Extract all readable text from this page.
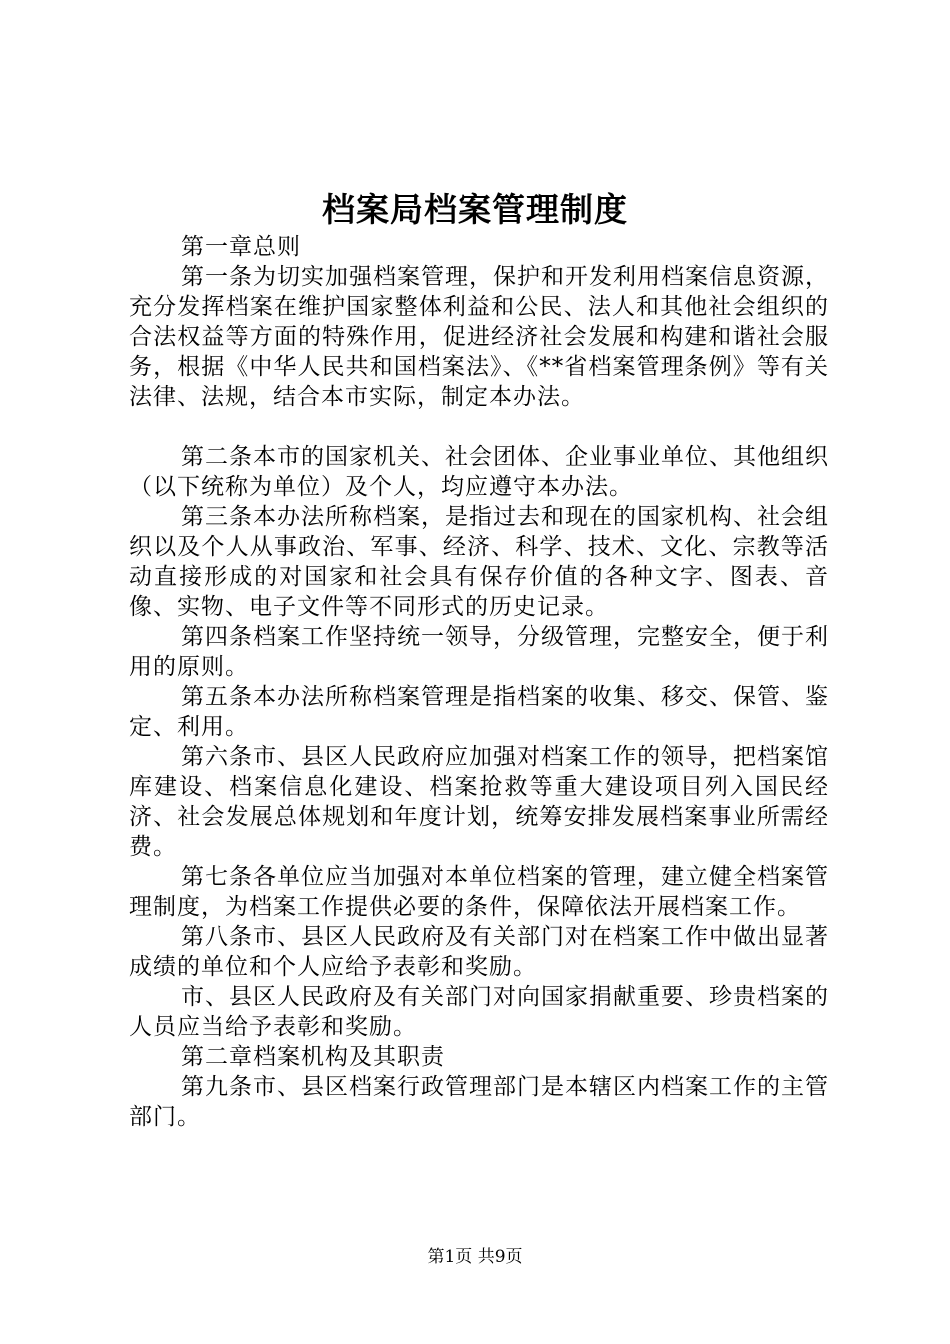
档案局档案管理制度

第一章总则

第一条为切实加强档案管理，保护和开发利用档案信息资源，充分发挥档案在维护国家整体利益和公民、法人和其他社会组织的合法权益等方面的特殊作用，促进经济社会发展和构建和谐社会服务，根据《中华人民共和国档案法》、《**省档案管理条例》等有关法律、法规，结合本市实际，制定本办法。

第二条本市的国家机关、社会团体、企业事业单位、其他组织（以下统称为单位）及个人，均应遵守本办法。

第三条本办法所称档案，是指过去和现在的国家机构、社会组织以及个人从事政治、军事、经济、科学、技术、文化、宗教等活动直接形成的对国家和社会具有保存价值的各种文字、图表、音像、实物、电子文件等不同形式的历史记录。

第四条档案工作坚持统一领导，分级管理，完整安全，便于利用的原则。

第五条本办法所称档案管理是指档案的收集、移交、保管、鉴定、利用。

第六条市、县区人民政府应加强对档案工作的领导，把档案馆库建设、档案信息化建设、档案抢救等重大建设项目列入国民经济、社会发展总体规划和年度计划，统筹安排发展档案事业所需经费。

第七条各单位应当加强对本单位档案的管理，建立健全档案管理制度，为档案工作提供必要的条件，保障依法开展档案工作。

第八条市、县区人民政府及有关部门对在档案工作中做出显著成绩的单位和个人应给予表彰和奖励。

市、县区人民政府及有关部门对向国家捐献重要、珍贵档案的人员应当给予表彰和奖励。

第二章档案机构及其职责

第九条市、县区档案行政管理部门是本辖区内档案工作的主管部门。

第1页 共9页
